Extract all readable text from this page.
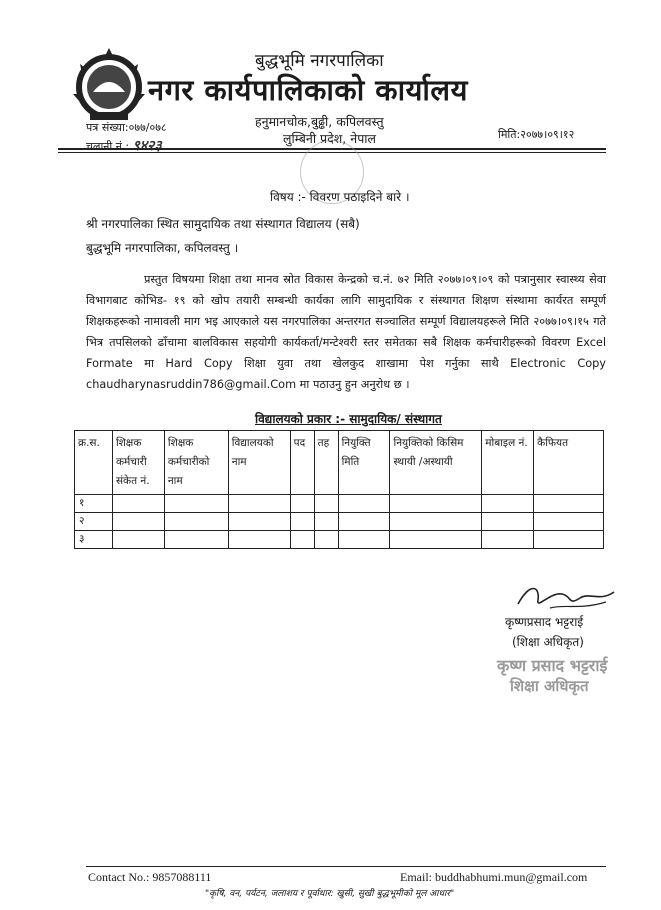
बुद्धभूमि नगरपालिका
नगर कार्यपालिकाको कार्यालय
हनुमानचोक,बुढ्ढी, कपिलवस्तु
लुम्बिनी प्रदेश, नेपाल
पत्र संख्या:०७७/०७८
चलानी नं.: ९४२३
मिति:२०७७।०९।१२
विषय :- विवरण पठाइदिने बारे ।
श्री नगरपालिका स्थित सामुदायिक तथा संस्थागत विद्यालय (सबै)
बुद्धभूमि नगरपालिका, कपिलवस्तु ।
प्रस्तुत विषयमा शिक्षा तथा मानव स्रोत विकास केन्द्रको च.नं. ७२ मिति २०७७।०९।०९ को पत्रानुसार स्वास्थ्य सेवा विभागबाट कोभिड- १९ को खोप तयारी सम्बन्धी कार्यका लागि सामुदायिक र संस्थागत शिक्षण संस्थामा कार्यरत सम्पूर्ण शिक्षकहरूको नामावली माग भइ आएकाले यस नगरपालिका अन्तरगत सञ्चालित सम्पूर्ण विद्यालयहरूले मिति २०७७।०९।१५ गते भित्र तपसिलको ढाँचामा बालविकास सहयोगी कार्यकर्ता/मन्टेश्वरी स्तर समेतका सबै शिक्षक कर्मचारीहरूको विवरण Excel Formate मा Hard Copy शिक्षा युवा तथा खेलकुद शाखामा पेश गर्नुका साथै Electronic Copy chaudharynasruddin786@gmail.Com मा पठाउनु हुन अनुरोध छ ।
विद्यालयको प्रकार :- सामुदायिक/ संस्थागत
क्र.स.	शिक्षक कर्मचारी संकेत नं.	शिक्षक कर्मचारीको नाम	विद्यालयको नाम	पद	तह	नियुक्ति मिति	नियुक्तिको किसिम स्थायी /अस्थायी	मोबाइल नं.	कैफियत
१									
२									
३									
कृष्णप्रसाद भट्टराई
(शिक्षा अधिकृत)
कृष्ण प्रसाद भट्टराई
शिक्षा अधिकृत
Contact No.: 9857088111	Email: buddhabhumi.mun@gmail.com
"कृषि, वन, पर्यटन, जलाशय र पूर्वाधार: खुसी, सुखी बुद्धभूमीको मूल आधार"
